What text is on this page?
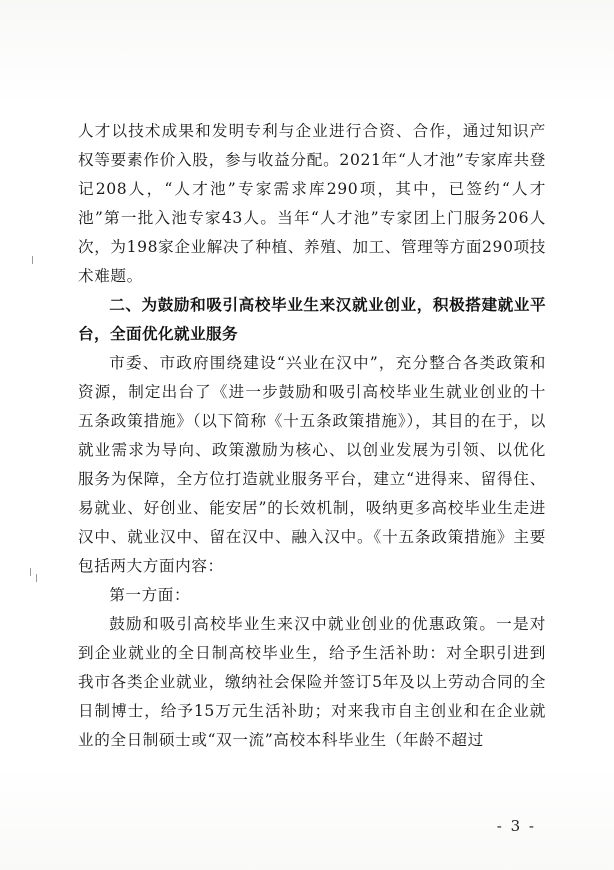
人才以技术成果和发明专利与企业进行合资、合作，通过知识产权等要素作价入股，参与收益分配。2021年“人才池”专家库共登记208人，“人才池”专家需求库290项，其中，已签约“人才池”第一批入池专家43人。当年“人才池”专家团上门服务206人次，为198家企业解决了种植、养殖、加工、管理等方面290项技术难题。

二、为鼓励和吸引高校毕业生来汉就业创业，积极搭建就业平台，全面优化就业服务

市委、市政府围绕建设“兴业在汉中”，充分整合各类政策和资源，制定出台了《进一步鼓励和吸引高校毕业生就业创业的十五条政策措施》（以下简称《十五条政策措施》），其目的在于，以就业需求为导向、政策激励为核心、以创业发展为引领、以优化服务为保障，全方位打造就业服务平台，建立“进得来、留得住、易就业、好创业、能安居”的长效机制，吸纳更多高校毕业生走进汉中、就业汉中、留在汉中、融入汉中。《十五条政策措施》主要包括两大方面内容：

第一方面：

鼓励和吸引高校毕业生来汉中就业创业的优惠政策。一是对到企业就业的全日制高校毕业生，给予生活补助：对全职引进到我市各类企业就业，缴纳社会保险并签订5年及以上劳动合同的全日制博士，给予15万元生活补助；对来我市自主创业和在企业就业的全日制硕士或“双一流”高校本科毕业生（年龄不超过

- 3 -
